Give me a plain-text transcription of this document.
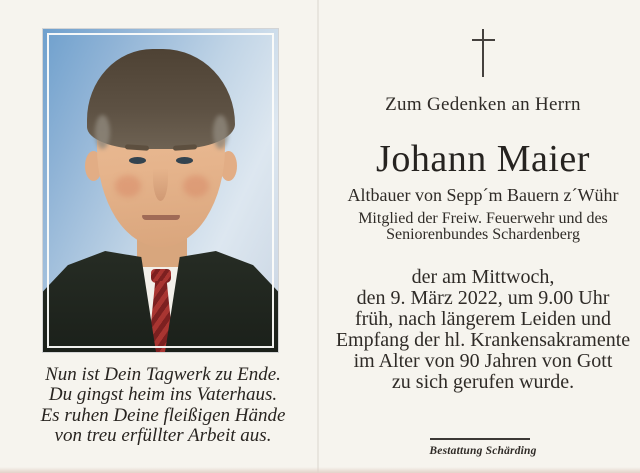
Nun ist Dein Tagwerk zu Ende.
Du gingst heim ins Vaterhaus.
Es ruhen Deine fleißigen Hände
von treu erfüllter Arbeit aus.
Zum Gedenken an Herrn
Johann Maier
Altbauer von Sepp´m Bauern z´Wühr
Mitglied der Freiw. Feuerwehr und des
Seniorenbundes Schardenberg
der am Mittwoch,
den 9. März 2022, um 9.00 Uhr
früh, nach längerem Leiden und
Empfang der hl. Krankensakramente
im Alter von 90 Jahren von Gott
zu sich gerufen wurde.
Bestattung Schärding
